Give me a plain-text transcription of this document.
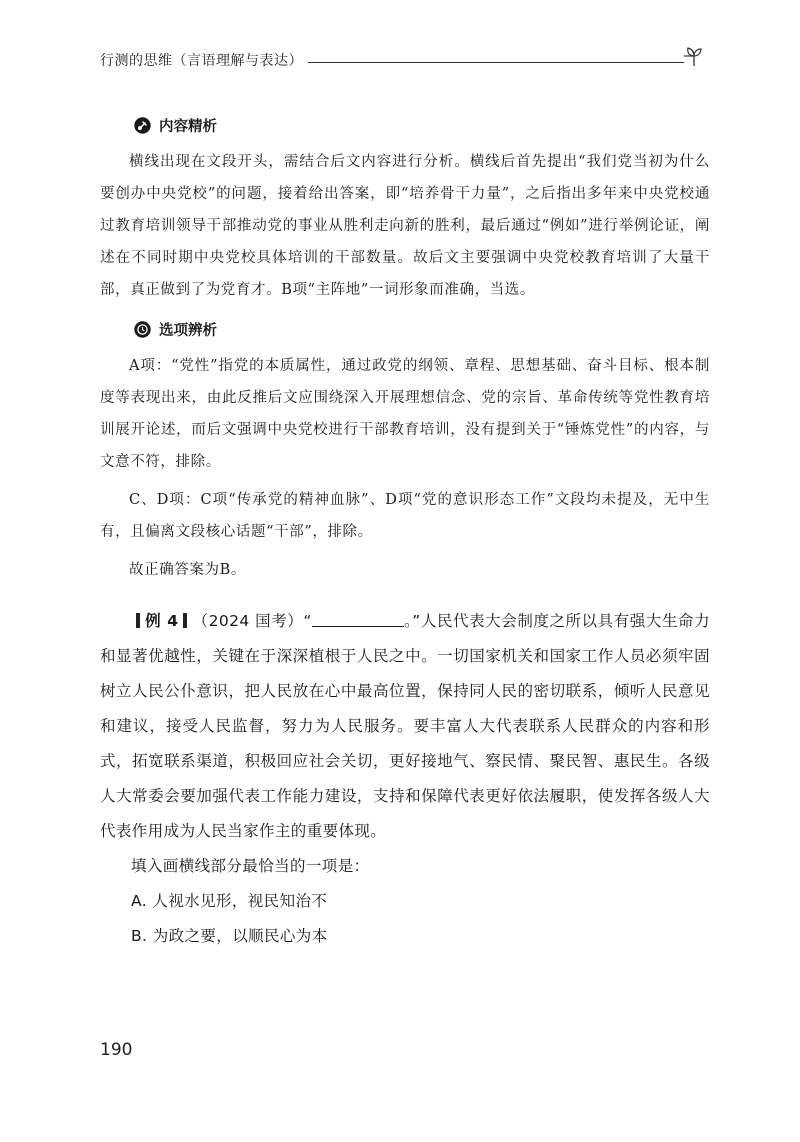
行测的思维（言语理解与表达）
内容精析

横线出现在文段开头，需结合后文内容进行分析。横线后首先提出“我们党当初为什么要创办中央党校”的问题，接着给出答案，即“培养骨干力量”，之后指出多年来中央党校通过教育培训领导干部推动党的事业从胜利走向新的胜利，最后通过“例如”进行举例论证，阐述在不同时期中央党校具体培训的干部数量。故后文主要强调中央党校教育培训了大量干部，真正做到了为党育才。B项“主阵地”一词形象而准确，当选。

选项辨析

A项：“党性”指党的本质属性，通过政党的纲领、章程、思想基础、奋斗目标、根本制度等表现出来，由此反推后文应围绕深入开展理想信念、党的宗旨、革命传统等党性教育培训展开论述，而后文强调中央党校进行干部教育培训，没有提到关于“锤炼党性”的内容，与文意不符，排除。

C、D项：C项“传承党的精神血脉”、D项“党的意识形态工作”文段均未提及，无中生有，且偏离文段核心话题“干部”，排除。

故正确答案为B。

例 4 （2024 国考）“	。”人民代表大会制度之所以具有强大生命力和显著优越性，关键在于深深植根于人民之中。一切国家机关和国家工作人员必须牢固树立人民公仆意识，把人民放在心中最高位置，保持同人民的密切联系，倾听人民意见和建议，接受人民监督，努力为人民服务。要丰富人大代表联系人民群众的内容和形式，拓宽联系渠道，积极回应社会关切，更好接地气、察民情、聚民智、惠民生。各级人大常委会要加强代表工作能力建设，支持和保障代表更好依法履职，使发挥各级人大代表作用成为人民当家作主的重要体现。

填入画横线部分最恰当的一项是：

A. 人视水见形，视民知治不

B. 为政之要，以顺民心为本

190
